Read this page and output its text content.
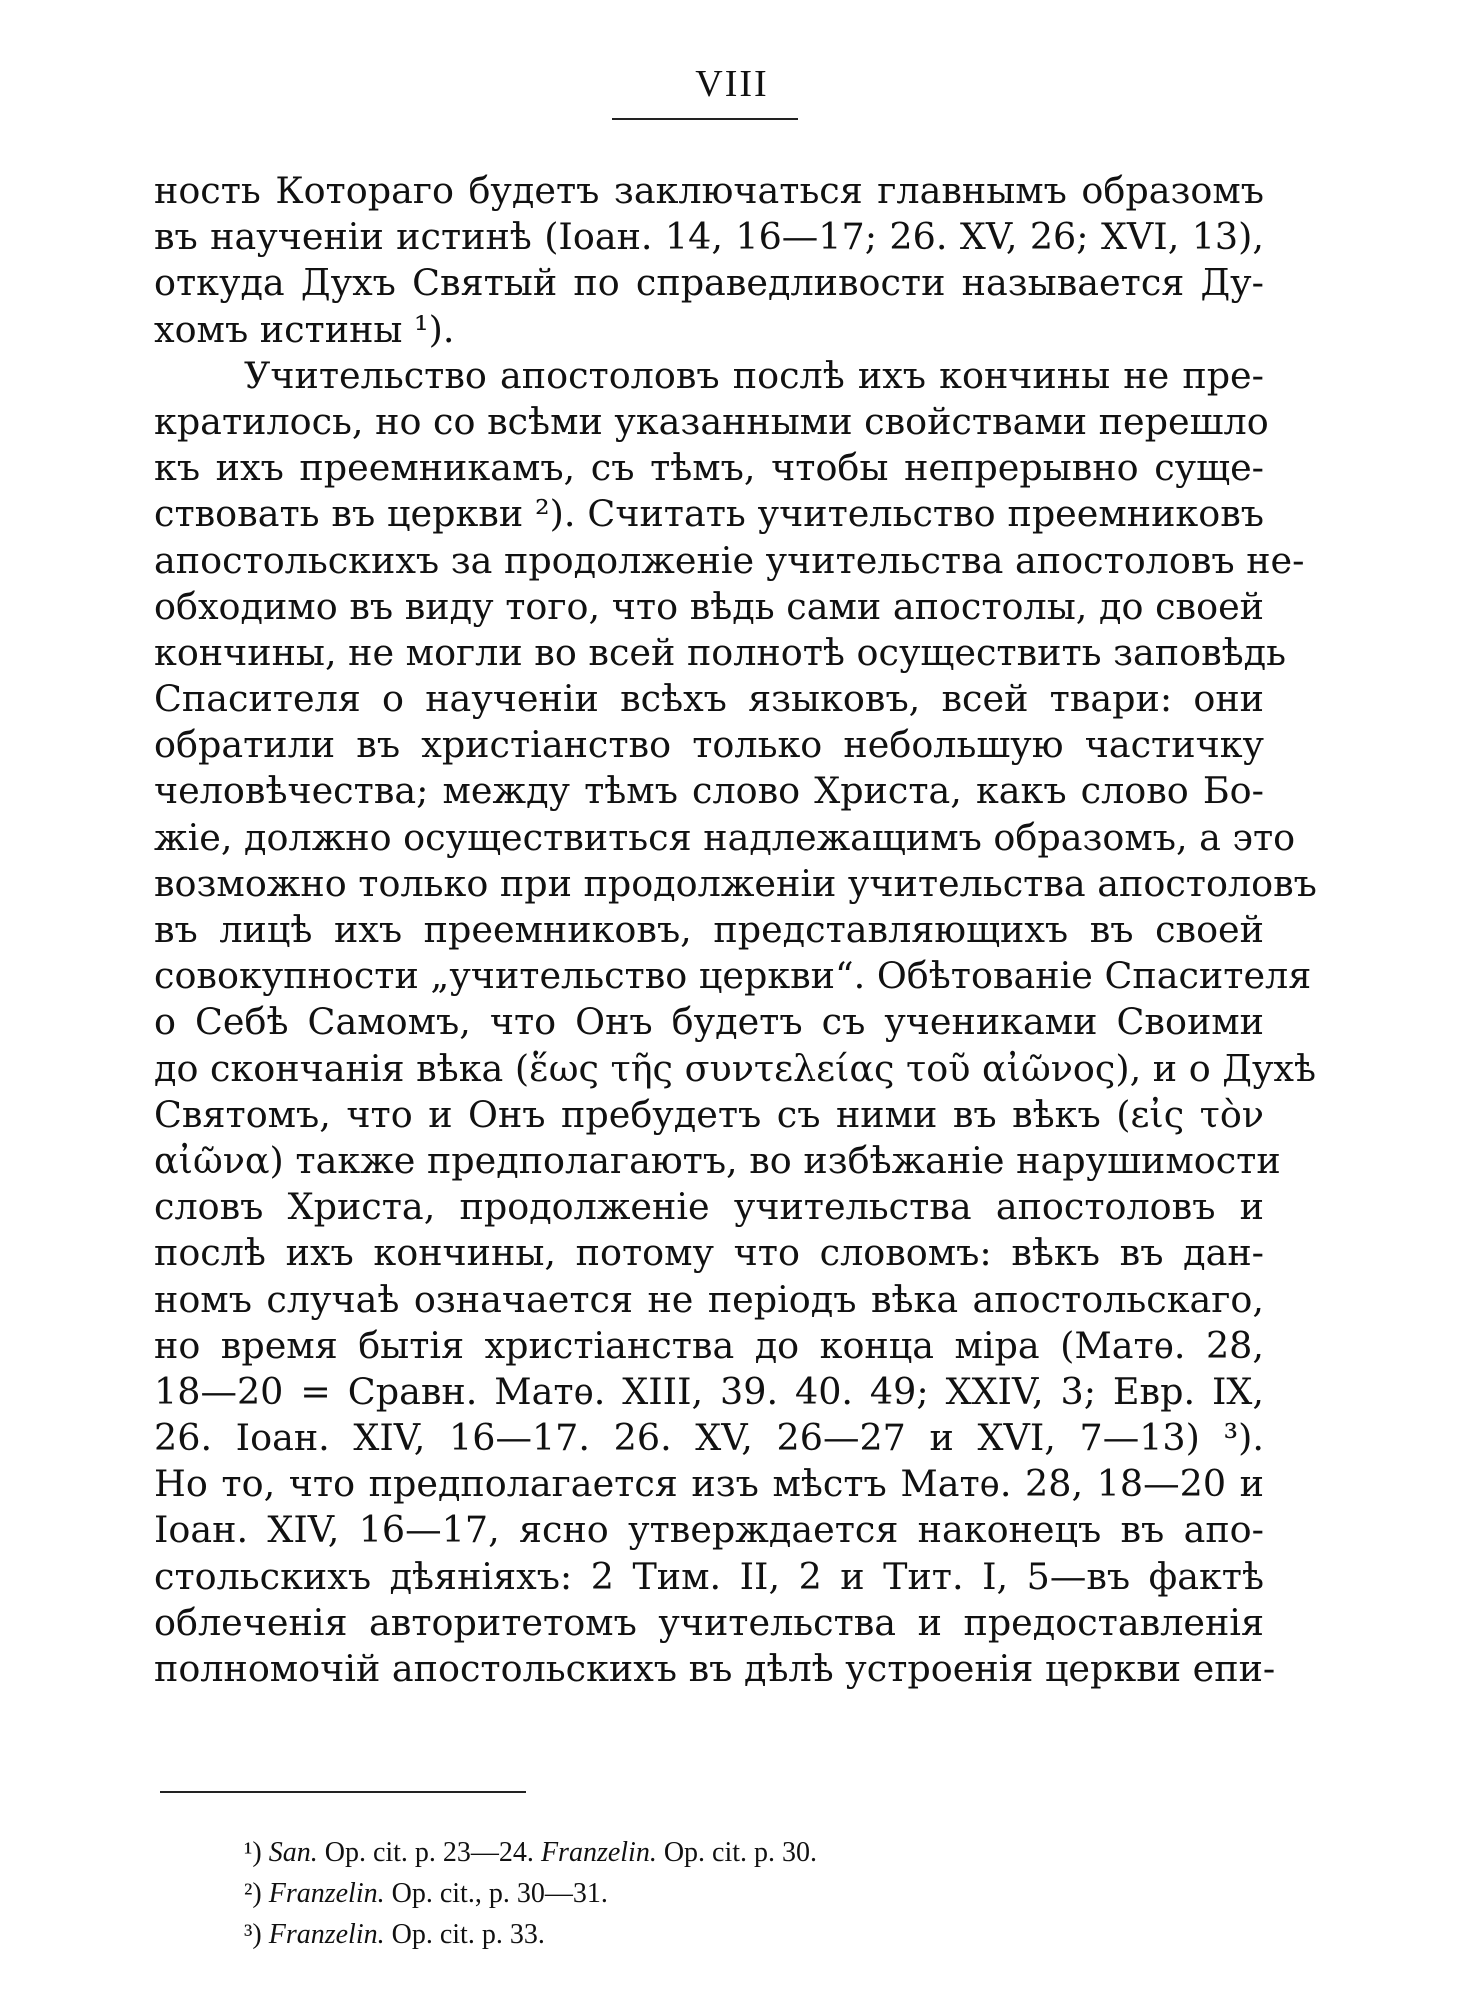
VIII
ность Котораго будетъ заключаться главнымъ образомъ
въ наученіи истинѣ (Іоан. 14, 16—17; 26. XV, 26; XVI, 13),
откуда Духъ Святый по справедливости называется Ду-
хомъ истины ¹).
Учительство апостоловъ послѣ ихъ кончины не пре-
кратилось, но со всѣми указанными свойствами перешло
къ ихъ преемникамъ, съ тѣмъ, чтобы непрерывно суще-
ствовать въ церкви ²). Считать учительство преемниковъ
апостольскихъ за продолженіе учительства апостоловъ не-
обходимо въ виду того, что вѣдь сами апостолы, до своей
кончины, не могли во всей полнотѣ осуществить заповѣдь
Спасителя о наученіи всѣхъ языковъ, всей твари: они
обратили въ христіанство только небольшую частичку
человѣчества; между тѣмъ слово Христа, какъ слово Бо-
жіе, должно осуществиться надлежащимъ образомъ, а это
возможно только при продолженіи учительства апостоловъ
въ лицѣ ихъ преемниковъ, представляющихъ въ своей
совокупности „учительство церкви“. Обѣтованіе Спасителя
о Себѣ Самомъ, что Онъ будетъ съ учениками Своими
до скончанія вѣка (ἕως τῆς συντελείας τοῦ αἰῶνος), и о Духѣ
Святомъ, что и Онъ пребудетъ съ ними въ вѣкъ (εἰς τὸν
αἰῶνα) также предполагаютъ, во избѣжаніе нарушимости
словъ Христа, продолженіе учительства апостоловъ и
послѣ ихъ кончины, потому что словомъ: вѣкъ въ дан-
номъ случаѣ означается не періодъ вѣка апостольскаго,
но время бытія христіанства до конца міра (Матѳ. 28,
18—20 = Сравн. Матѳ. XIII, 39. 40. 49; XXIV, 3; Евр. IX,
26. Іоан. XIV, 16—17. 26. XV, 26—27 и XVI, 7—13) ³).
Но то, что предполагается изъ мѣстъ Матѳ. 28, 18—20 и
Іоан. XIV, 16—17, ясно утверждается наконецъ въ апо-
стольскихъ дѣяніяхъ: 2 Тим. II, 2 и Тит. I, 5—въ фактѣ
облеченія авторитетомъ учительства и предоставленія
полномочій апостольскихъ въ дѣлѣ устроенія церкви епи-
¹) San. Op. cit. p. 23—24. Franzelin. Op. cit. p. 30.
²) Franzelin. Op. cit., p. 30—31.
³) Franzelin. Op. cit. p. 33.
